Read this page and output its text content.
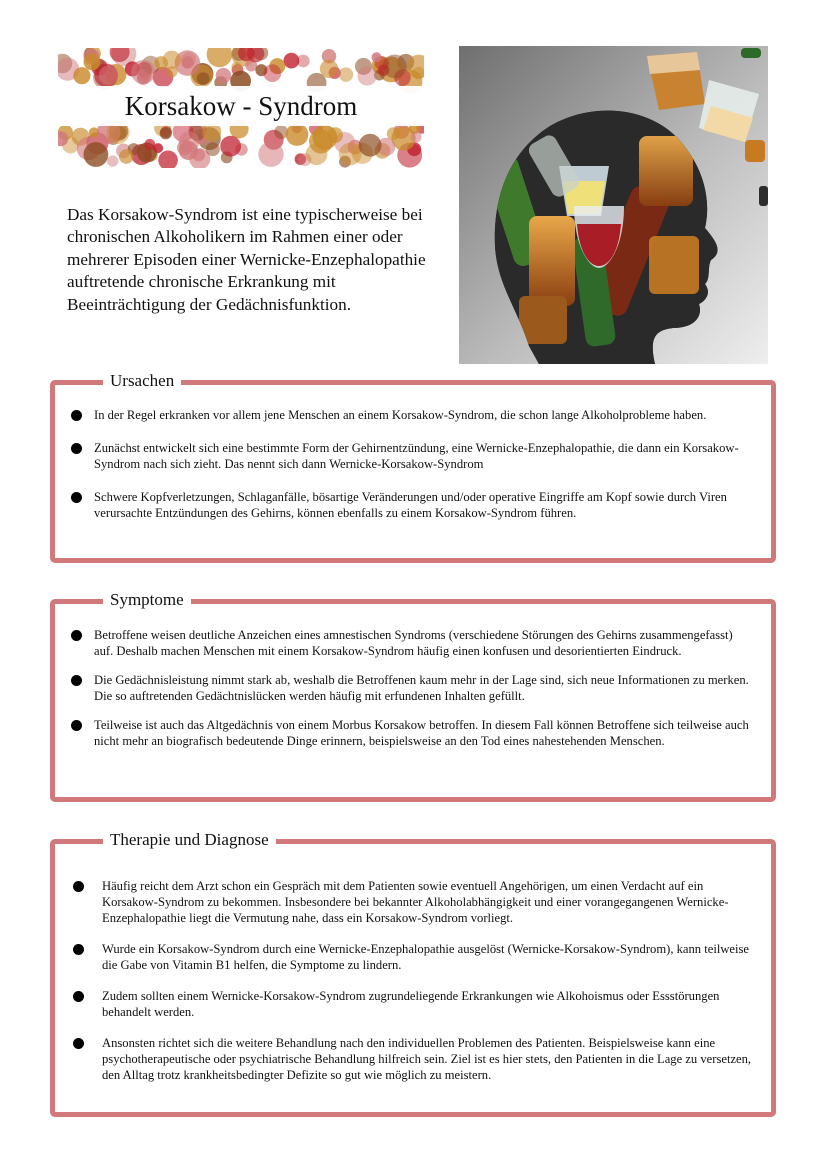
Korsakow - Syndrom
Das Korsakow-Syndrom ist eine typischerweise bei chronischen Alkoholikern im Rahmen einer oder mehrerer Episoden einer Wernicke-Enzephalopathie auftretende chronische Erkrankung mit Beeinträchtigung der Gedächnisfunktion.
Ursachen
In der Regel erkranken vor allem jene Menschen an einem Korsakow-Syndrom, die schon lange Alkoholprobleme haben.
Zunächst entwickelt sich eine bestimmte Form der Gehirnentzündung, eine Wernicke-Enzephalopathie, die dann ein Korsakow-Syndrom nach sich zieht. Das nennt sich dann Wernicke-Korsakow-Syndrom
Schwere Kopfverletzungen, Schlaganfälle, bösartige Veränderungen und/oder operative Eingriffe am Kopf sowie durch Viren verursachte Entzündungen des Gehirns, können ebenfalls zu einem Korsakow-Syndrom führen.
Symptome
Betroffene weisen deutliche Anzeichen eines amnestischen Syndroms (verschiedene Störungen des Gehirns zusammengefasst) auf. Deshalb machen Menschen mit einem Korsakow-Syndrom häufig einen konfusen und desorientierten Eindruck.
Die Gedächnisleistung nimmt stark ab, weshalb die Betroffenen kaum mehr in der Lage sind, sich neue Informationen zu merken. Die so auftretenden Gedächtnislücken werden häufig mit erfundenen Inhalten gefüllt.
Teilweise ist auch das Altgedächnis von einem Morbus Korsakow betroffen. In diesem Fall können Betroffene sich teilweise auch nicht mehr an biografisch bedeutende Dinge erinnern, beispielsweise an den Tod eines nahestehenden Menschen.
Therapie und Diagnose
Häufig reicht dem Arzt schon ein Gespräch mit dem Patienten sowie eventuell Angehörigen, um einen Verdacht auf ein Korsakow-Syndrom zu bekommen. Insbesondere bei bekannter Alkoholabhängigkeit und einer vorangegangenen Wernicke-Enzephalopathie liegt die Vermutung nahe, dass ein Korsakow-Syndrom vorliegt.
Wurde ein Korsakow-Syndrom durch eine Wernicke-Enzephalopathie ausgelöst (Wernicke-Korsakow-Syndrom), kann teilweise die Gabe von Vitamin B1 helfen, die Symptome zu lindern.
Zudem sollten einem Wernicke-Korsakow-Syndrom zugrundeliegende Erkrankungen wie Alkohoismus oder Essstörungen behandelt werden.
Ansonsten richtet sich die weitere Behandlung nach den individuellen Problemen des Patienten. Beispielsweise kann eine psychotherapeutische oder psychiatrische Behandlung hilfreich sein. Ziel ist es hier stets, den Patienten in die Lage zu versetzen, den Alltag trotz krankheitsbedingter Defizite so gut wie möglich zu meistern.
